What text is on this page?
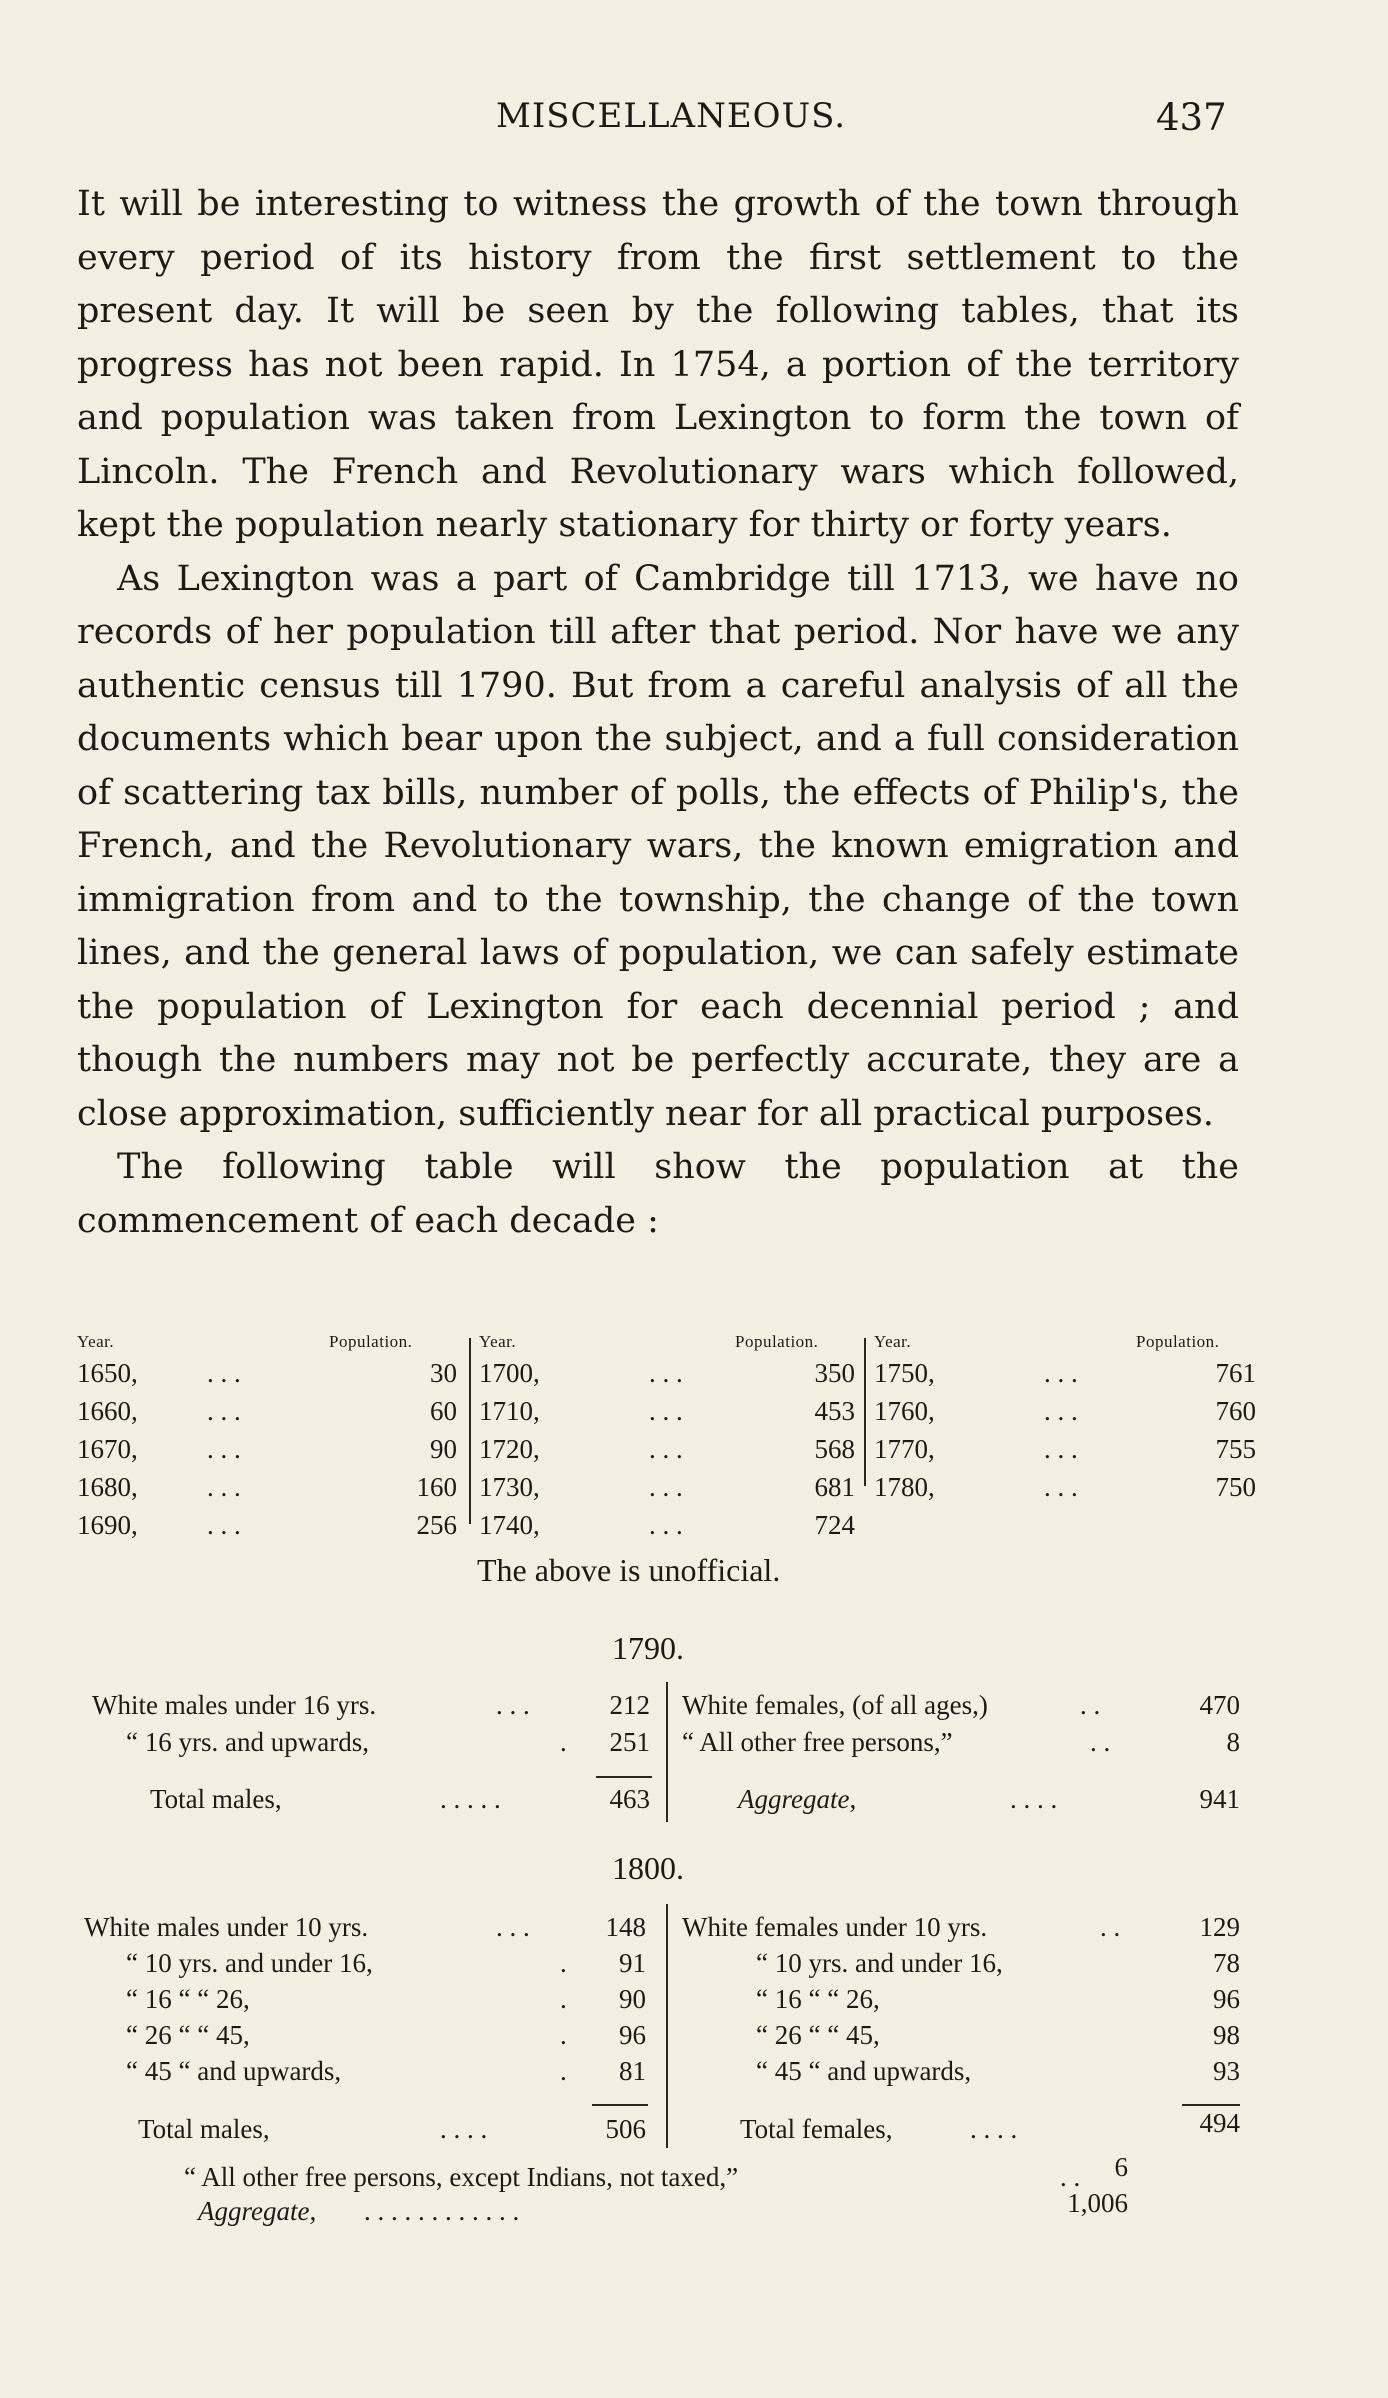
MISCELLANEOUS.	437

It will be interesting to witness the growth of the town through every period of its history from the first settlement to the present day. It will be seen by the following tables, that its progress has not been rapid. In 1754, a portion of the territory and population was taken from Lexington to form the town of Lincoln. The French and Revolutionary wars which followed, kept the population nearly stationary for thirty or forty years.

As Lexington was a part of Cambridge till 1713, we have no records of her population till after that period. Nor have we any authentic census till 1790. But from a careful analysis of all the documents which bear upon the subject, and a full consideration of scattering tax bills, number of polls, the effects of Philip's, the French, and the Revolutionary wars, the known emigration and immigration from and to the township, the change of the town lines, and the general laws of population, we can safely estimate the population of Lexington for each decennial period ; and though the numbers may not be perfectly accurate, they are a close approximation, sufficiently near for all practical purposes.

The following table will show the population at the commencement of each decade :

Year.	Population.
1650,	. . .	30
1660,	. . .	60
1670,	. . .	90
1680,	. . .	160
1690,	. . .	256
Year.	Population.
1700,	. . .	350
1710,	. . .	453
1720,	. . .	568
1730,	. . .	681
1740,	. . .	724
Year.	Population.
1750,	. . .	761
1760,	. . .	760
1770,	. . .	755
1780,	. . .	750
The above is unofficial.
1790.
White males under 16 yrs.	. . .	212
“ 16 yrs. and upwards,	.	251
Total males,	. . . . .	463
White females, (of all ages,)	. .	470
“ All other free persons,”	. .	8
Aggregate,	. . . .	941
1800.
White males under 10 yrs.	. . .	148
“ 10 yrs. and under 16,	.	91
“ 16 “ “ 26,	.	90
“ 26 “ “ 45,	.	96
“ 45 “ and upwards,	.	81
Total males,	. . . .	506
White females under 10 yrs.	. .	129
“ 10 yrs. and under 16,	78
“ 16 “ “ 26,	96
“ 26 “ “ 45,	98
“ 45 “ and upwards,	93
Total females,	. . . .	494
“ All other free persons, except Indians, not taxed,”	. .	6
Aggregate, . . . . . . . . . . . .	1,006
